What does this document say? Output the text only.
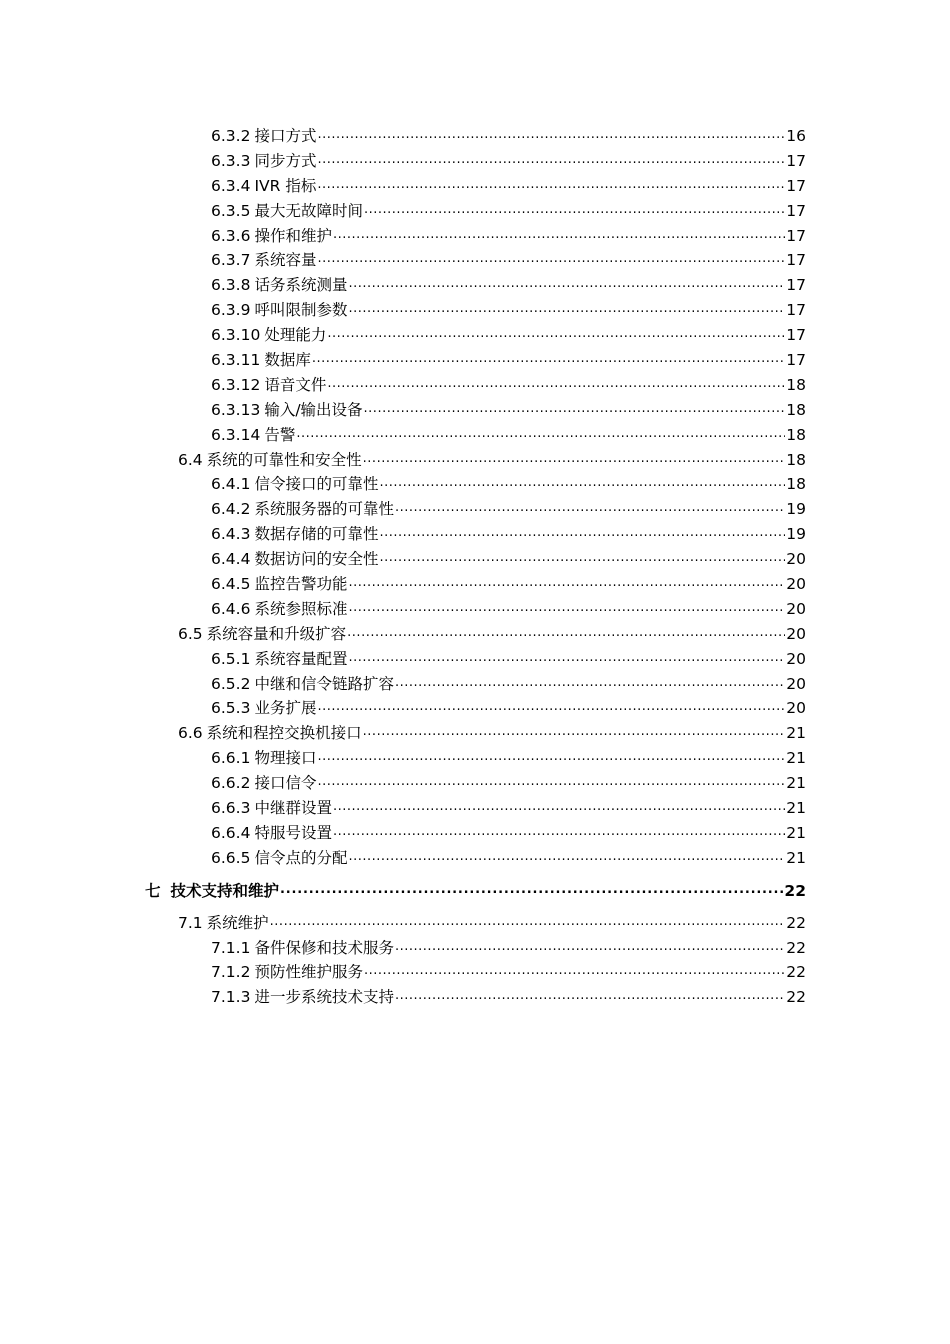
6.3.2 接口方式 .....	16
6.3.3 同步方式 .....	17
6.3.4 IVR 指标 .....	17
6.3.5 最大无故障时间 .....	17
6.3.6 操作和维护 .....	17
6.3.7 系统容量 .....	17
6.3.8 话务系统测量 .....	17
6.3.9 呼叫限制参数 .....	17
6.3.10 处理能力 .....	17
6.3.11 数据库 .....	17
6.3.12 语音文件 .....	18
6.3.13 输入/输出设备 .....	18
6.3.14 告警 .....	18
6.4 系统的可靠性和安全性 .....	18
6.4.1 信令接口的可靠性 .....	18
6.4.2 系统服务器的可靠性 .....	19
6.4.3 数据存储的可靠性 .....	19
6.4.4 数据访问的安全性 .....	20
6.4.5 监控告警功能 .....	20
6.4.6 系统参照标准 .....	20
6.5 系统容量和升级扩容 .....	20
6.5.1 系统容量配置 .....	20
6.5.2 中继和信令链路扩容 .....	20
6.5.3 业务扩展 .....	20
6.6 系统和程控交换机接口 .....	21
6.6.1 物理接口 .....	21
6.6.2 接口信令 .....	21
6.6.3 中继群设置 .....	21
6.6.4 特服号设置 .....	21
6.6.5 信令点的分配 .....	21
七 技术支持和维护 .....	22
7.1 系统维护 .....	22
7.1.1 备件保修和技术服务 .....	22
7.1.2 预防性维护服务 .....	22
7.1.3 进一步系统技术支持 .....	22
